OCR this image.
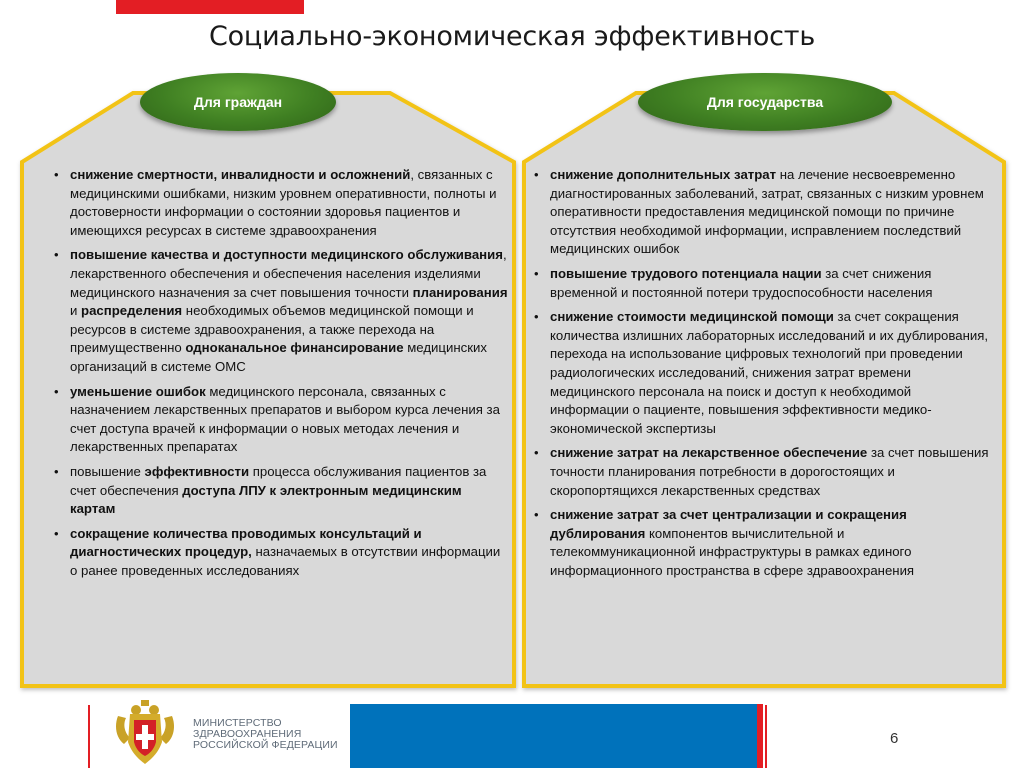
Социально-экономическая эффективность
Для граждан	Для государства
• снижение смертности, инвалидности и осложнений, связанных с медицинскими ошибками, низким уровнем оперативности, полноты и достоверности информации о состоянии здоровья пациентов и имеющихся ресурсах в системе здравоохранения
• повышение качества и доступности медицинского обслуживания, лекарственного обеспечения и обеспечения населения изделиями медицинского назначения за счет повышения точности планирования и распределения необходимых объемов медицинской помощи и ресурсов в системе здравоохранения, а также перехода на преимущественно одноканальное финансирование медицинских организаций в системе ОМС
• уменьшение ошибок медицинского персонала, связанных с назначением лекарственных препаратов и выбором курса лечения за счет доступа врачей к информации о новых методах лечения и лекарственных препаратах
• повышение эффективности процесса обслуживания пациентов за счет обеспечения доступа ЛПУ к электронным медицинским картам
• сокращение количества проводимых консультаций и диагностических процедур, назначаемых в отсутствии информации о ранее проведенных исследованиях
• снижение дополнительных затрат на лечение несвоевременно диагностированных заболеваний, затрат, связанных с низким уровнем оперативности предоставления медицинской помощи по причине отсутствия необходимой информации, исправлением последствий медицинских ошибок
• повышение трудового потенциала нации за счет снижения временной и постоянной потери трудоспособности населения
• снижение стоимости медицинской помощи за счет сокращения количества излишних лабораторных исследований и их дублирования, перехода на использование цифровых технологий при проведении радиологических исследований, снижения затрат времени медицинского персонала на поиск и доступ к необходимой информации о пациенте, повышения эффективности медико-экономической экспертизы
• снижение затрат на лекарственное обеспечение за счет повышения точности планирования потребности в дорогостоящих и скоропортящихся лекарственных средствах
• снижение затрат за счет централизации и сокращения дублирования компонентов вычислительной и телекоммуникационной инфраструктуры в рамках единого информационного пространства в сфере здравоохранения
МИНИСТЕРСТВО
ЗДРАВООХРАНЕНИЯ
РОССИЙСКОЙ ФЕДЕРАЦИИ	6
